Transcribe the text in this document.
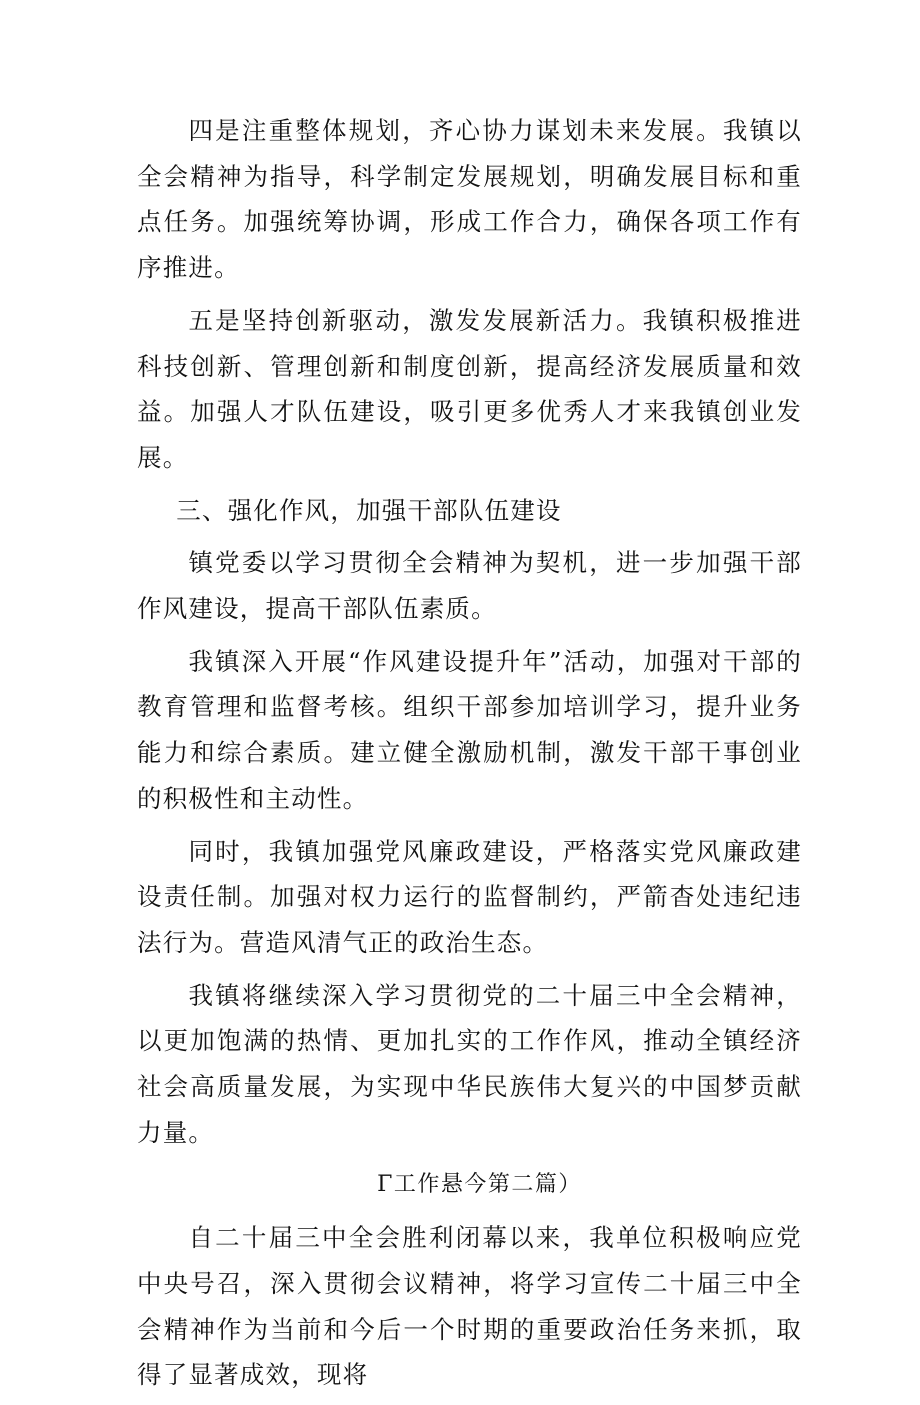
四是注重整体规划，齐心协力谋划未来发展。我镇以全会精神为指导，科学制定发展规划，明确发展目标和重点任务。加强统筹协调，形成工作合力，确保各项工作有序推进。

五是坚持创新驱动，激发发展新活力。我镇积极推进科技创新、管理创新和制度创新，提高经济发展质量和效益。加强人才队伍建设，吸引更多优秀人才来我镇创业发展。

三、强化作风，加强干部队伍建设

镇党委以学习贯彻全会精神为契机，进一步加强干部作风建设，提高干部队伍素质。

我镇深入开展“作风建设提升年”活动，加强对干部的教育管理和监督考核。组织干部参加培训学习，提升业务能力和综合素质。建立健全激励机制，激发干部干事创业的积极性和主动性。

同时，我镇加强党风廉政建设，严格落实党风廉政建设责任制。加强对权力运行的监督制约，严箭杳处违纪违法行为。营造风清气正的政治生态。

我镇将继续深入学习贯彻党的二十届三中全会精神，以更加饱满的热情、更加扎实的工作作风，推动全镇经济社会高质量发展，为实现中华民族伟大复兴的中国梦贡献力量。

Γ工作悬今第二篇）

自二十届三中全会胜利闭幕以来，我单位积极响应党中央号召，深入贯彻会议精神，将学习宣传二十届三中全会精神作为当前和今后一个时期的重要政治任务来抓，取得了显著成效，现将
